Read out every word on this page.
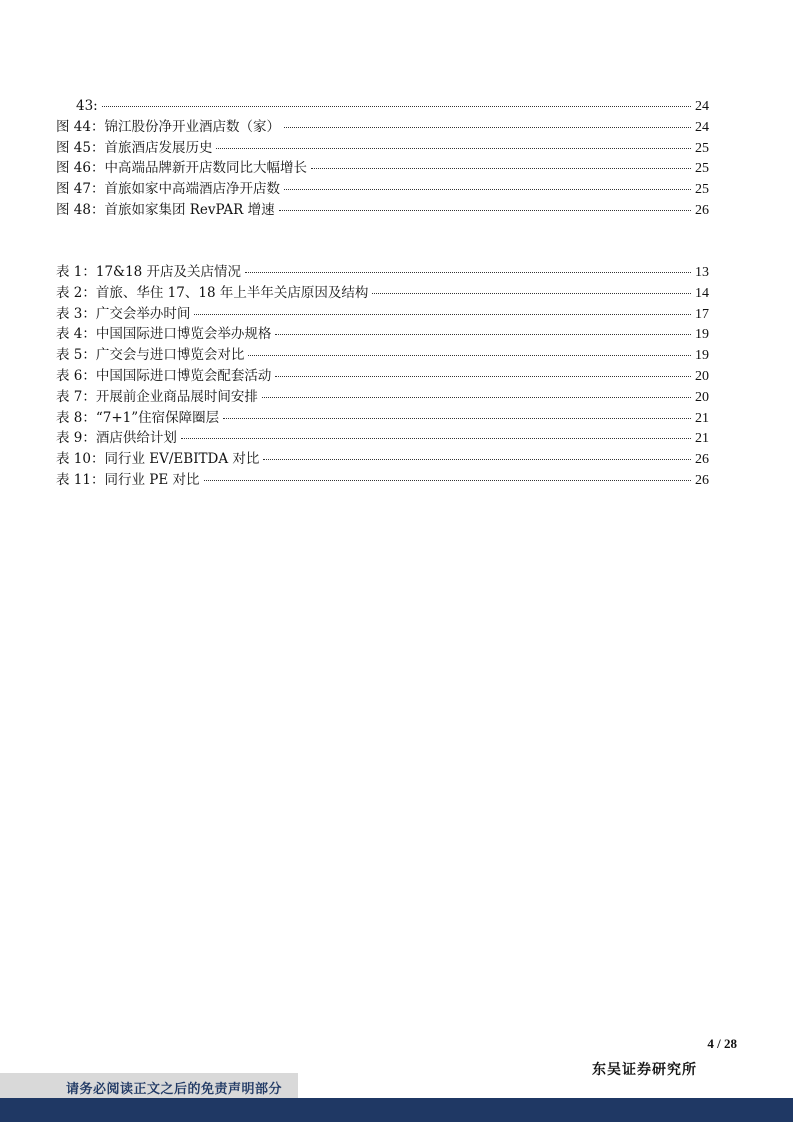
43:	24
图 44：锦江股份净开业酒店数（家）	24
图 45：首旅酒店发展历史	25
图 46：中高端品牌新开店数同比大幅增长	25
图 47：首旅如家中高端酒店净开店数	25
图 48：首旅如家集团 RevPAR 增速	26
表 1：17&18 开店及关店情况	13
表 2：首旅、华住 17、18 年上半年关店原因及结构	14
表 3：广交会举办时间	17
表 4：中国国际进口博览会举办规格	19
表 5：广交会与进口博览会对比	19
表 6：中国国际进口博览会配套活动	20
表 7：开展前企业商品展时间安排	20
表 8：“7+1”住宿保障圈层	21
表 9：酒店供给计划	21
表 10：同行业 EV/EBITDA 对比	26
表 11：同行业 PE 对比	26
4 / 28
东吴证券研究所
请务必阅读正文之后的免责声明部分
